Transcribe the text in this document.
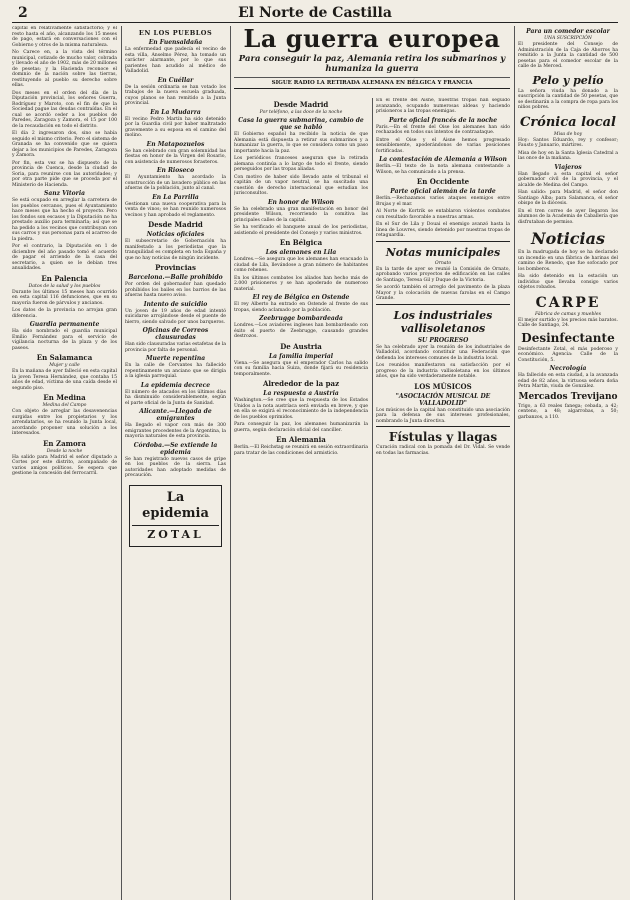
2	El Norte de Castilla

capital en relativamente satisfactorio; y el resto hasta el año, alcanzando los 15 meses de pago, estará en conversaciones con el Gobierno y otros de la misma naturaleza.

No Carece en, a la vista del término municipal, cotizado de mucho valor, cobrada y llevado el año de 1902, más de 20 millones de pesetas; y la Hacienda reconoce el dominio de la nación sobre las tierras, restituyendo al pueblo su derecho sobre ellas.

Dos meses en el orden del día de la Diputación provincial, los señores Guerra, Rodríguez y Maroto, con el fin de que la Sociedad pague las deudas contraídas. En el cual se acordó ceder a los pueblos de Paredes, Zaragoza y Zamora, el 15 por 100 de la recaudación en todo el distrito.

El día 2 ingresaron dos, sino se había seguido el mismo criterio. Pero el sistema de Granada se ha convenido que se quiera dejar a los municipios de Paredes, Zaragoza y Zamora.

Por fin, esta vez se ha dispuesto de la provincia de Cuenca, desde la ciudad de Soria, para reunirse con las autoridades; y por otra parte pide que se proceda por el Ministerio de Hacienda.

Sanz Vitoria

Se está ocupado en arreglar la carretera de los pueblos cercanos, pues el Ayuntamiento hace meses que ha hecho el proyecto. Pero los fondos son escasos y la Diputación no ha prestado auxilio para terminarla; así que se ha pedido a los vecinos que contribuyan con sus carros y sus personas para el acarreo de la piedra.

Por el contrario, la Diputación en 1 de diciembre del año pasado tomó el acuerdo de pagar el arriendo de la casa del secretario, a quien se le debían tres anualidades.

En Palencia

Datos de la salud y los pueblos

Durante los últimos 15 meses han ocurrido en esta capital 116 defunciones, que en su mayoría fueron de párvulos y ancianos.

Los datos de la provincia no arrojan gran diferencia.

Guardia permanente

Ha sido nombrado el guardia municipal Emilio Fernández para el servicio de vigilancia nocturna de la plaza y de los paseos.

En Salamanca

Mujer y calle

En la mañana de ayer falleció en esta capital la joven Teresa Hernández, que contaba 15 años de edad, víctima de una caída desde el segundo piso.

En Medina

Medina del Campo

Con objeto de arreglar las desavenencias surgidas entre los propietarios y los arrendatarios, se ha reunido la Junta local, acordando proponer una solución a los interesados.

En Zamora

Desde la noche

Ha salido para Madrid el señor diputado a Cortes por este distrito, acompañado de varios amigos políticos. Se espera que gestione la concesión del ferrocarril.

EN LOS PUEBLOS
En Fuensaldaña

La enfermedad que padecía el vecino de esta villa, Anselmo Pérez, ha tomado un carácter alarmante, por lo que sus parientes han acudido al médico de Valladolid.

En Cuéllar

De la sesión ordinaria se han votado los trabajos de la nueva escuela graduada, cuyos planos se han remitido a la Junta provincial.

En La Mudarra

El vecino Pedro Martín ha sido detenido por la Guardia civil por haber maltratado gravemente a su esposa en el camino del molino.

En Matapozuelos

Se han celebrado con gran solemnidad las fiestas en honor de la Virgen del Rosario, con asistencia de numerosos forasteros.

En Rioseco

El Ayuntamiento ha acordado la construcción de un lavadero público en las afueras de la población, junto al canal.

En La Parrilla

Gestionan una nueva cooperativa para la venta de vinos; se han reunido numerosos vecinos y han aprobado el reglamento.

Desde Madrid
Noticias oficiales

El subsecretario de Gobernación ha manifestado a los periodistas que la tranquilidad es completa en toda España y que no hay noticias de ningún incidente.

Provincias
Barcelona.—Balle prohibido

Por orden del gobernador han quedado prohibidos los bailes en los barrios de las afueras hasta nuevo aviso.

Intento de suicidio

Un joven de 19 años de edad intentó suicidarse arrojándose desde el puente de hierro, siendo salvado por unos barqueros.

Oficinas de Correos clausuradas

Han sido clausuradas varias estafetas de la provincia por falta de personal.

Muerte repentina

En la calle de Cervantes ha fallecido repentinamente un anciano que se dirigía a la iglesia parroquial.

La epidemia decrece

El número de atacados en los últimos días ha disminuido considerablemente, según el parte oficial de la Junta de Sanidad.

Alicante.—Llegada de emigrantes

Ha llegado el vapor con más de 300 emigrantes procedentes de la Argentina, la mayoría naturales de esta provincia.

Córdoba.—Se extiende la epidemia

Se han registrado nuevos casos de gripe en los pueblos de la sierra. Las autoridades han adoptado medidas de precaución.

La epidemia
ZOTAL
La guerra europea
Para conseguir la paz, Alemania retira los submarinos y humaniza la guerra
SIGUE RADIO LA RETIRADA ALEMANA EN BÉLGICA Y FRANCIA
Desde Madrid

Por teléfono, a las doce de la noche

Casa la guerra submarina, cambio de que se habló

El Gobierno español ha recibido la noticia de que Alemania está dispuesta a retirar sus submarinos y a humanizar la guerra, lo que se considera como un paso importante hacia la paz.

Los periódicos franceses aseguran que la retirada alemana continúa a lo largo de todo el frente, siendo perseguidos por las tropas aliadas.

Con motivo de haber sido llevado ante el tribunal el capitán de un vapor neutral, se ha suscitado una cuestión de derecho internacional que estudian los jurisconsultos.

En honor de Wilson

Se ha celebrado una gran manifestación en honor del presidente Wilson, recorriendo la comitiva las principales calles de la capital.

Se ha verificado el banquete anual de los periodistas, asistiendo el presidente del Consejo y varios ministros.

En Bélgica
Los alemanes en Lila

Londres.—Se asegura que los alemanes han evacuado la ciudad de Lila, llevándose a gran número de habitantes como rehenes.

En los últimos combates los aliados han hecho más de 2.000 prisioneros y se han apoderado de numeroso material.

El rey de Bélgica en Ostende

El rey Alberto ha entrado en Ostende al frente de sus tropas, siendo aclamado por la población.

Zeebrugge bombardeada

Londres.—Los aviadores ingleses han bombardeado con éxito el puerto de Zeebrugge, causando grandes destrozos.

De Austria
La familia imperial

Viena.—Se asegura que el emperador Carlos ha salido con su familia hacia Suiza, donde fijará su residencia temporalmente.

Alrededor de la paz
La respuesta a Austria

Washington.—Se cree que la respuesta de los Estados Unidos a la nota austríaca será enviada en breve, y que en ella se exigirá el reconocimiento de la independencia de los pueblos oprimidos.

Para conseguir la paz, los alemanes humanizarán la guerra, según declaración oficial del canciller.

En Alemania

Berlín.—El Reichstag se reunirá en sesión extraordinaria para tratar de las condiciones del armisticio.

En el frente del Aisne, nuestras tropas han seguido avanzando, ocupando numerosas aldeas y haciendo prisioneros a las tropas enemigas.

Parte oficial francés de la noche

París.—En el frente del Oise los alemanes han sido rechazados en todos sus intentos de contraataque.

Entre el Oise y el Aisne hemos progresado sensiblemente, apoderándonos de varias posiciones fortificadas.

La contestación de Alemania a Wilson

Berlín.—El texto de la nota alemana contestando a Wilson, se ha comunicado a la prensa.

En Occidente
Parte oficial alemán de la tarde

Berlín.—Rechazamos varios ataques enemigos entre Brujas y el mar.

Al Norte de Kortrik se entablaron violentos combates con resultado favorable a nuestras armas.

En el Sur de Lila y Douai el enemigo avanzó hasta la línea de Louvres, siendo detenido por nuestras tropas de retaguardia.

Notas municipales

Ornato

En la tarde de ayer se reunió la Comisión de Ornato, aprobando varios proyectos de edificación en las calles de Santiago, Teresa Gil y Duque de la Victoria.

Se acordó también el arreglo del pavimento de la plaza Mayor y la colocación de nuevas farolas en el Campo Grande.

Los industriales vallisoletanos
SU PROGRESO

Se ha celebrado ayer la reunión de los industriales de Valladolid, acordando constituir una Federación que defienda los intereses comunes de la industria local.

Los reunidos manifestaron su satisfacción por el progreso de la industria vallisoletana en los últimos años, que ha sido verdaderamente notable.

LOS MÚSICOS
"ASOCIACIÓN MUSICAL DE VALLADOLID"

Los músicos de la capital han constituido una asociación para la defensa de sus intereses profesionales, nombrando la Junta directiva.

Fístulas y llagas

Curación radical con la pomada del Dr. Vidal. Se vende en todas las farmacias.

Para un comedor escolar

UNA SUSCRIPCIÓN

El presidente del Consejo de Administración de la Caja de Ahorros ha remitido a la Junta la cantidad de 500 pesetas para el comedor escolar de la calle de la Merced.

Pelo y pelío

La señora viuda ha donado a la suscripción la cantidad de 50 pesetas, que se destinarán a la compra de ropa para los niños pobres.

Crónica local

Misa de hoy

Hoy: Santos Eduardo, rey y confesor; Fausto y Januario, mártires.

Misa de hoy en la Santa Iglesia Catedral a las once de la mañana.

Viajeros

Han llegado a esta capital el señor gobernador civil de la provincia, y el alcalde de Medina del Campo.

Han salido: para Madrid, el señor don Santiago Alba; para Salamanca, el señor obispo de la diócesis.

En el tren correo de ayer llegaron los alumnos de la Academia de Caballería que disfrutaban de permiso.

Noticias

En la madrugada de hoy se ha declarado un incendio en una fábrica de harinas del camino de Renedo, que fue sofocado por los bomberos.

Ha sido detenido en la estación un individuo que llevaba consigo varios objetos robados.

CARPE

Fábrica de camas y muebles

El mejor surtido y los precios más baratos. Calle de Santiago, 24.

Desinfectante

Desinfectante Zotal, el más poderoso y económico. Agencia: Calle de la Constitución, 5.

Necrología

Ha fallecido en esta ciudad, a la avanzada edad de 82 años, la virtuosa señora doña Petra Martín, viuda de González.

Mercados Trevijano

Trigo, a 63 reales fanega; cebada, a 42; centeno, a 48; algarrobas, a 50; garbanzos, a 110.
